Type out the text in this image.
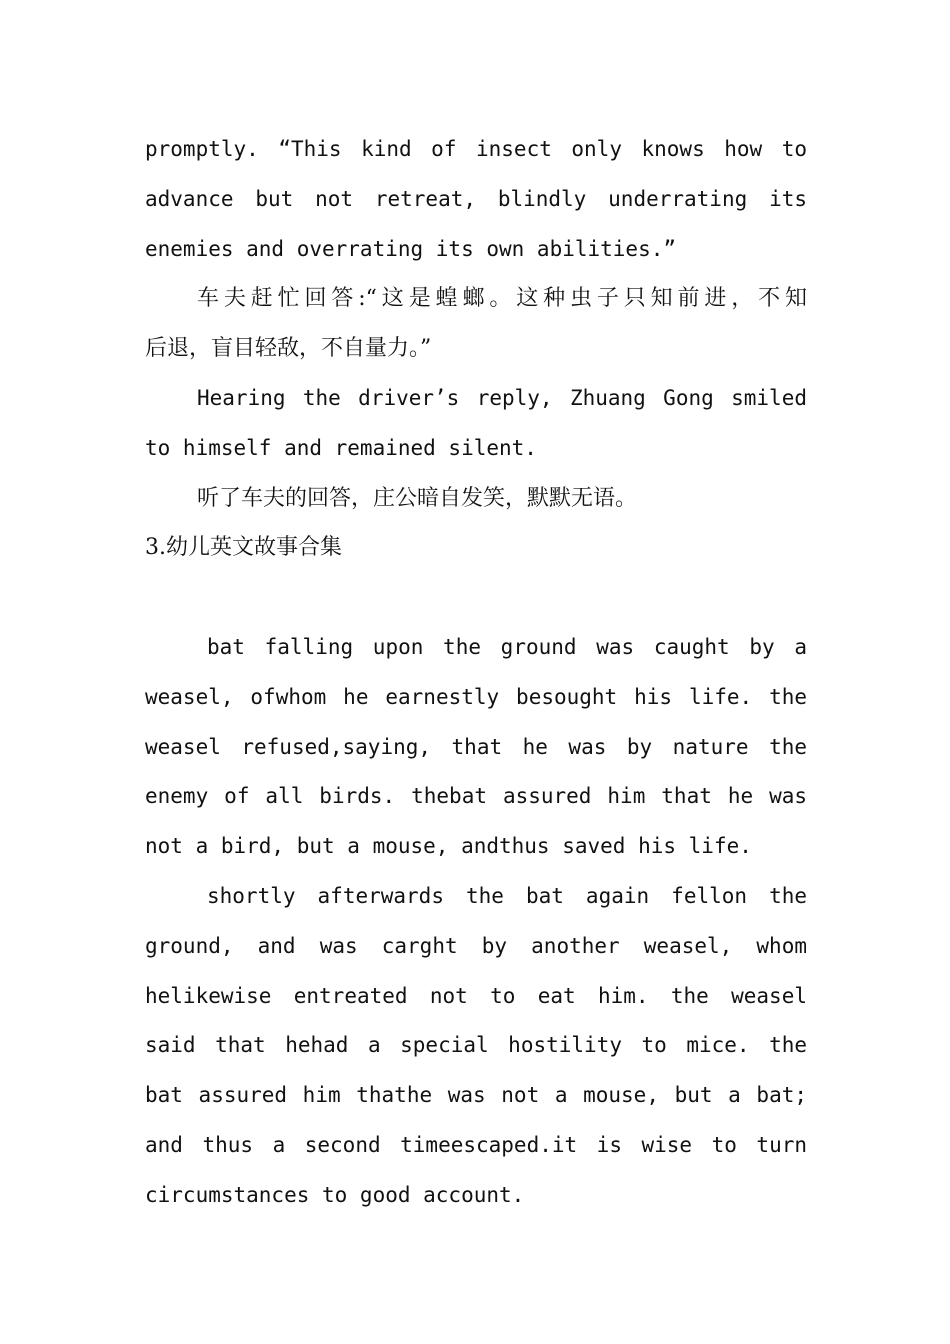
promptly. “This kind of insect only knows how to
advance but not retreat, blindly underrating its
enemies and overrating its own abilities.”
车夫赶忙回答:“这是蝗螂。这种虫子只知前进，不知
后退，盲目轻敌，不自量力。”
Hearing the driver’s reply, Zhuang Gong smiled
to himself and remained silent.
听了车夫的回答，庄公暗自发笑，默默无语。
3.幼儿英文故事合集
bat falling upon the ground was caught by a
weasel, ofwhom he earnestly besought his life. the
weasel refused,saying, that he was by nature the
enemy of all birds. thebat assured him that he was
not a bird, but a mouse, andthus saved his life.
shortly afterwards the bat again fellon the
ground, and was carght by another weasel, whom
helikewise entreated not to eat him. the weasel
said that hehad a special hostility to mice. the
bat assured him thathe was not a mouse, but a bat;
and thus a second timeescaped.it is wise to turn
circumstances to good account.
